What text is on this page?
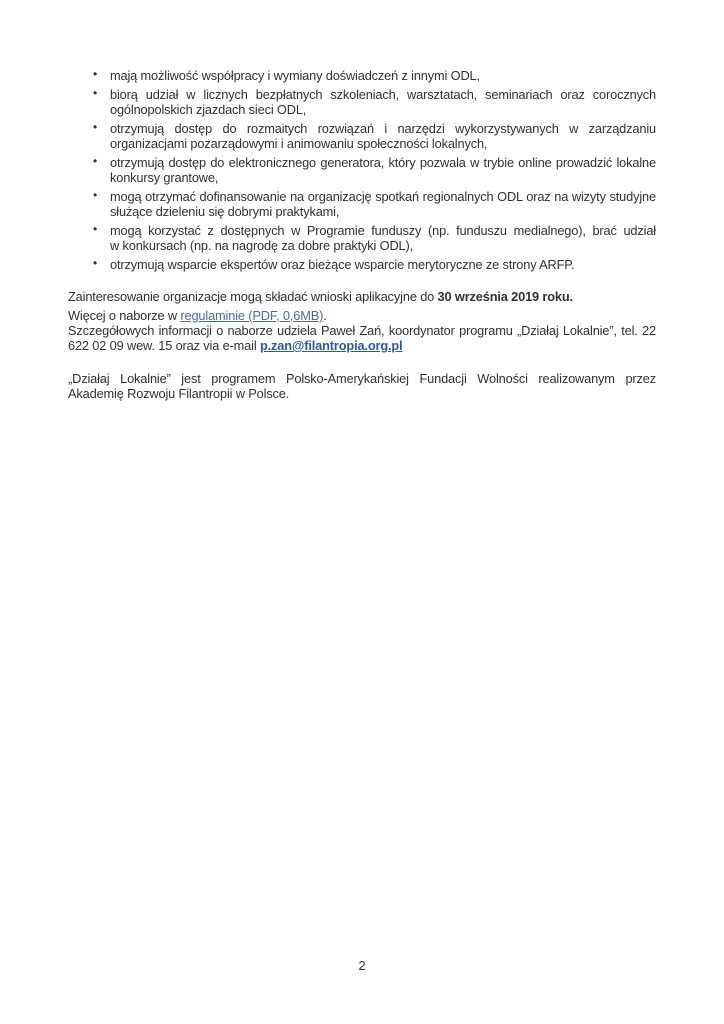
• mają możliwość współpracy i wymiany doświadczeń z innymi ODL,
• biorą udział w licznych bezpłatnych szkoleniach, warsztatach, seminariach oraz corocznych ogólnopolskich zjazdach sieci ODL,
• otrzymują dostęp do rozmaitych rozwiązań i narzędzi wykorzystywanych w zarządzaniu organizacjami pozarządowymi i animowaniu społeczności lokalnych,
• otrzymują dostęp do elektronicznego generatora, który pozwala w trybie online prowadzić lokalne konkursy grantowe,
• mogą otrzymać dofinansowanie na organizację spotkań regionalnych ODL oraz na wizyty studyjne służące dzieleniu się dobrymi praktykami,
• mogą korzystać z dostępnych w Programie funduszy (np. funduszu medialnego), brać udział w konkursach (np. na nagrodę za dobre praktyki ODL),
• otrzymują wsparcie ekspertów oraz bieżące wsparcie merytoryczne ze strony ARFP.

Zainteresowanie organizacje mogą składać wnioski aplikacyjne do 30 września 2019 roku.

Więcej o naborze w regulaminie (PDF, 0,6MB).

Szczegółowych informacji o naborze udziela Paweł Zań, koordynator programu „Działaj Lokalnie”, tel. 22 622 02 09 wew. 15 oraz via e-mail p.zan@filantropia.org.pl

„Działaj Lokalnie” jest programem Polsko-Amerykańskiej Fundacji Wolności realizowanym przez Akademię Rozwoju Filantropii w Polsce.

2
